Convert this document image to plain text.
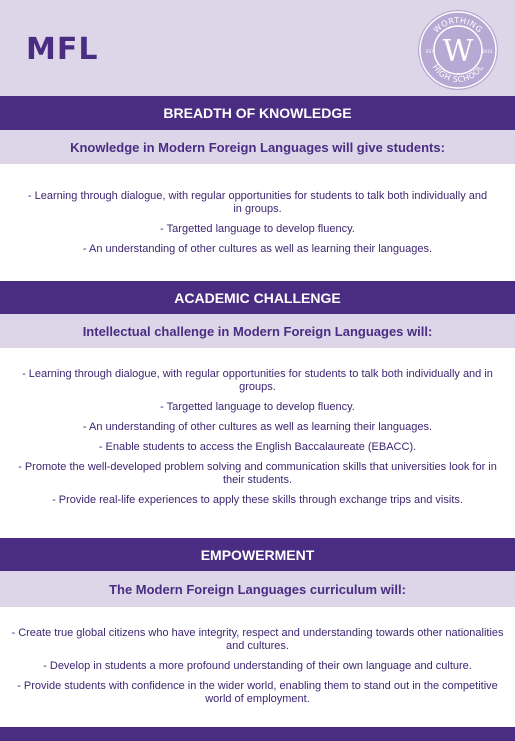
MFL
WORTHING
HIGH SCHOOL
EST.	2014
W
BREADTH OF KNOWLEDGE
Knowledge in Modern Foreign Languages will give students:
- Learning through dialogue, with regular opportunities for students to talk both individually and in groups.
- Targetted language to develop fluency.
- An understanding of other cultures as well as learning their languages.
ACADEMIC CHALLENGE
Intellectual challenge in Modern Foreign Languages will:
- Learning through dialogue, with regular opportunities for students to talk both individually and in groups.
- Targetted language to develop fluency.
- An understanding of other cultures as well as learning their languages.
- Enable students to access the English Baccalaureate (EBACC).
- Promote the well-developed problem solving and communication skills that universities look for in their students.
- Provide real-life experiences to apply these skills through exchange trips and visits.
EMPOWERMENT
The Modern Foreign Languages curriculum will:
- Create true global citizens who have integrity, respect and understanding towards other nationalities and cultures.
- Develop in students a more profound understanding of their own language and culture.
- Provide students with confidence in the wider world, enabling them to stand out in the competitive world of employment.
